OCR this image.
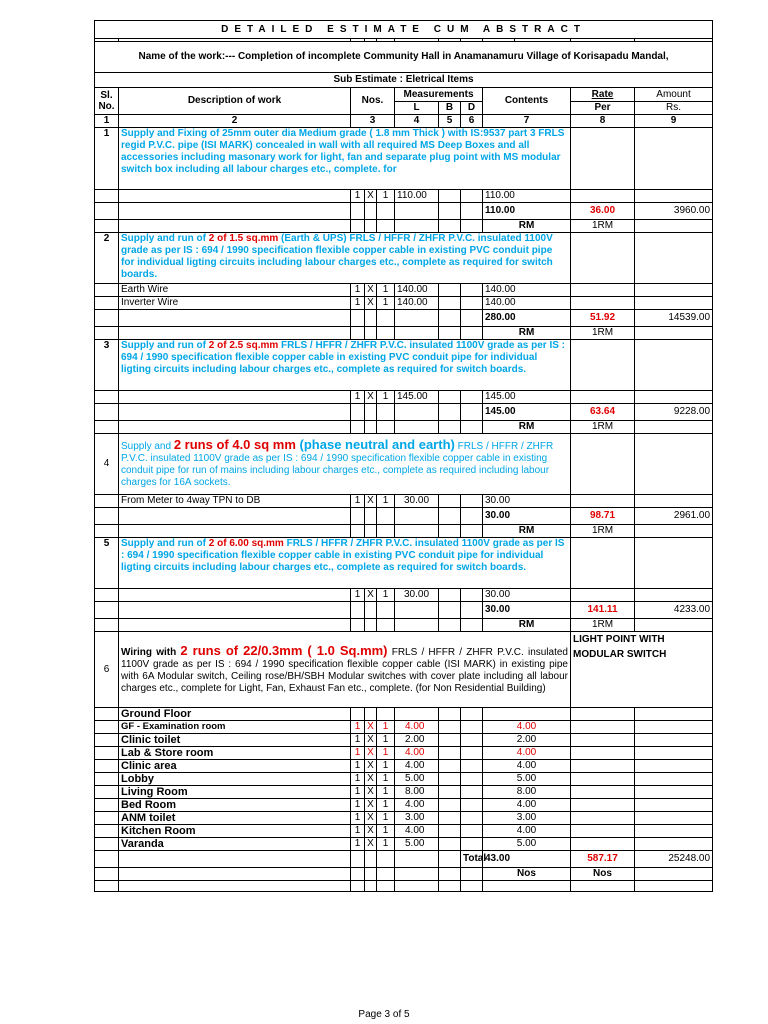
DETAILED ESTIMATE CUM ABSTRACT											

Name of the work:--- Completion of incomplete Community Hall in Anamanamuru Village of Korisapadu Mandal,											
Sub Estimate : Eletrical Items											
Sl. No.	Description of work	Nos.			Measurements			Contents		Rate	Amount
					L	B	D			Per	Rs.
1	2	3			4	5	6	7		8	9
1	Supply and Fixing of 25mm outer dia Medium grade ( 1.8 mm Thick ) with IS:9537 part 3 FRLS regid P.V.C. pipe (ISI MARK) concealed in wall with all required MS Deep Boxes and all accessories including masonary work for light, fan and separate plug point with MS modular switch box including all labour charges etc., complete. for										
		1	X	1	110.00			110.00			
								110.00		36.00	3960.00
								RM		1RM	
2	Supply and run of 2 of 1.5 sq.mm (Earth & UPS) FRLS / HFFR / ZHFR P.V.C. insulated 1100V grade as per IS : 694 / 1990 specification flexible copper cable in existing PVC conduit pipe for individual ligting circuits including labour charges etc., complete as required for switch boards.										
	Earth Wire	1	X	1	140.00			140.00			
	Inverter Wire	1	X	1	140.00			140.00			
								280.00		51.92	14539.00
								RM		1RM	
3	Supply and run of 2 of 2.5 sq.mm FRLS / HFFR / ZHFR P.V.C. insulated 1100V grade as per IS : 694 / 1990 specification flexible copper cable in existing PVC conduit pipe for individual ligting circuits including labour charges etc., complete as required for switch boards.										
		1	X	1	145.00			145.00			
								145.00		63.64	9228.00
								RM		1RM	
4	Supply and 2 runs of 4.0 sq mm (phase neutral and earth) FRLS / HFFR / ZHFR P.V.C. insulated 1100V grade as per IS : 694 / 1990 specification flexible copper cable in existing conduit pipe for run of mains including labour charges etc., complete as required including labour charges for 16A sockets.										
	From Meter to 4way TPN to DB	1	X	1	30.00			30.00			
								30.00		98.71	2961.00
								RM		1RM	
5	Supply and run of 2 of 6.00 sq.mm FRLS / HFFR / ZHFR P.V.C. insulated 1100V grade as per IS : 694 / 1990 specification flexible copper cable in existing PVC conduit pipe for individual ligting circuits including labour charges etc., complete as required for switch boards.										
		1	X	1	30.00			30.00			
								30.00		141.11	4233.00
								RM		1RM	
6	Wiring with 2 runs of 22/0.3mm ( 1.0 Sq.mm) FRLS / HFFR / ZHFR P.V.C. insulated 1100V grade as per IS : 694 / 1990 specification flexible copper cable (ISI MARK) in existing pipe with 6A Modular switch, Ceiling rose/BH/SBH Modular switches with cover plate including all labour charges etc., complete for Light, Fan, Exhaust Fan etc., complete. (for Non Residential Building)									LIGHT POINT WITH MODULAR SWITCH	
	Ground Floor										
	GF - Examination room	1	X	1	4.00			4.00			
	Clinic toilet	1	X	1	2.00			2.00			
	Lab & Store room	1	X	1	4.00			4.00			
	Clinic area	1	X	1	4.00			4.00			
	Lobby	1	X	1	5.00			5.00			
	Living Room	1	X	1	8.00			8.00			
	Bed Room	1	X	1	4.00			4.00			
	ANM toilet	1	X	1	3.00			3.00			
	Kitchen Room	1	X	1	4.00			4.00			
	Varanda	1	X	1	5.00			5.00			
							Total	43.00		587.17	25248.00
								Nos		Nos	

Page 3 of 5
